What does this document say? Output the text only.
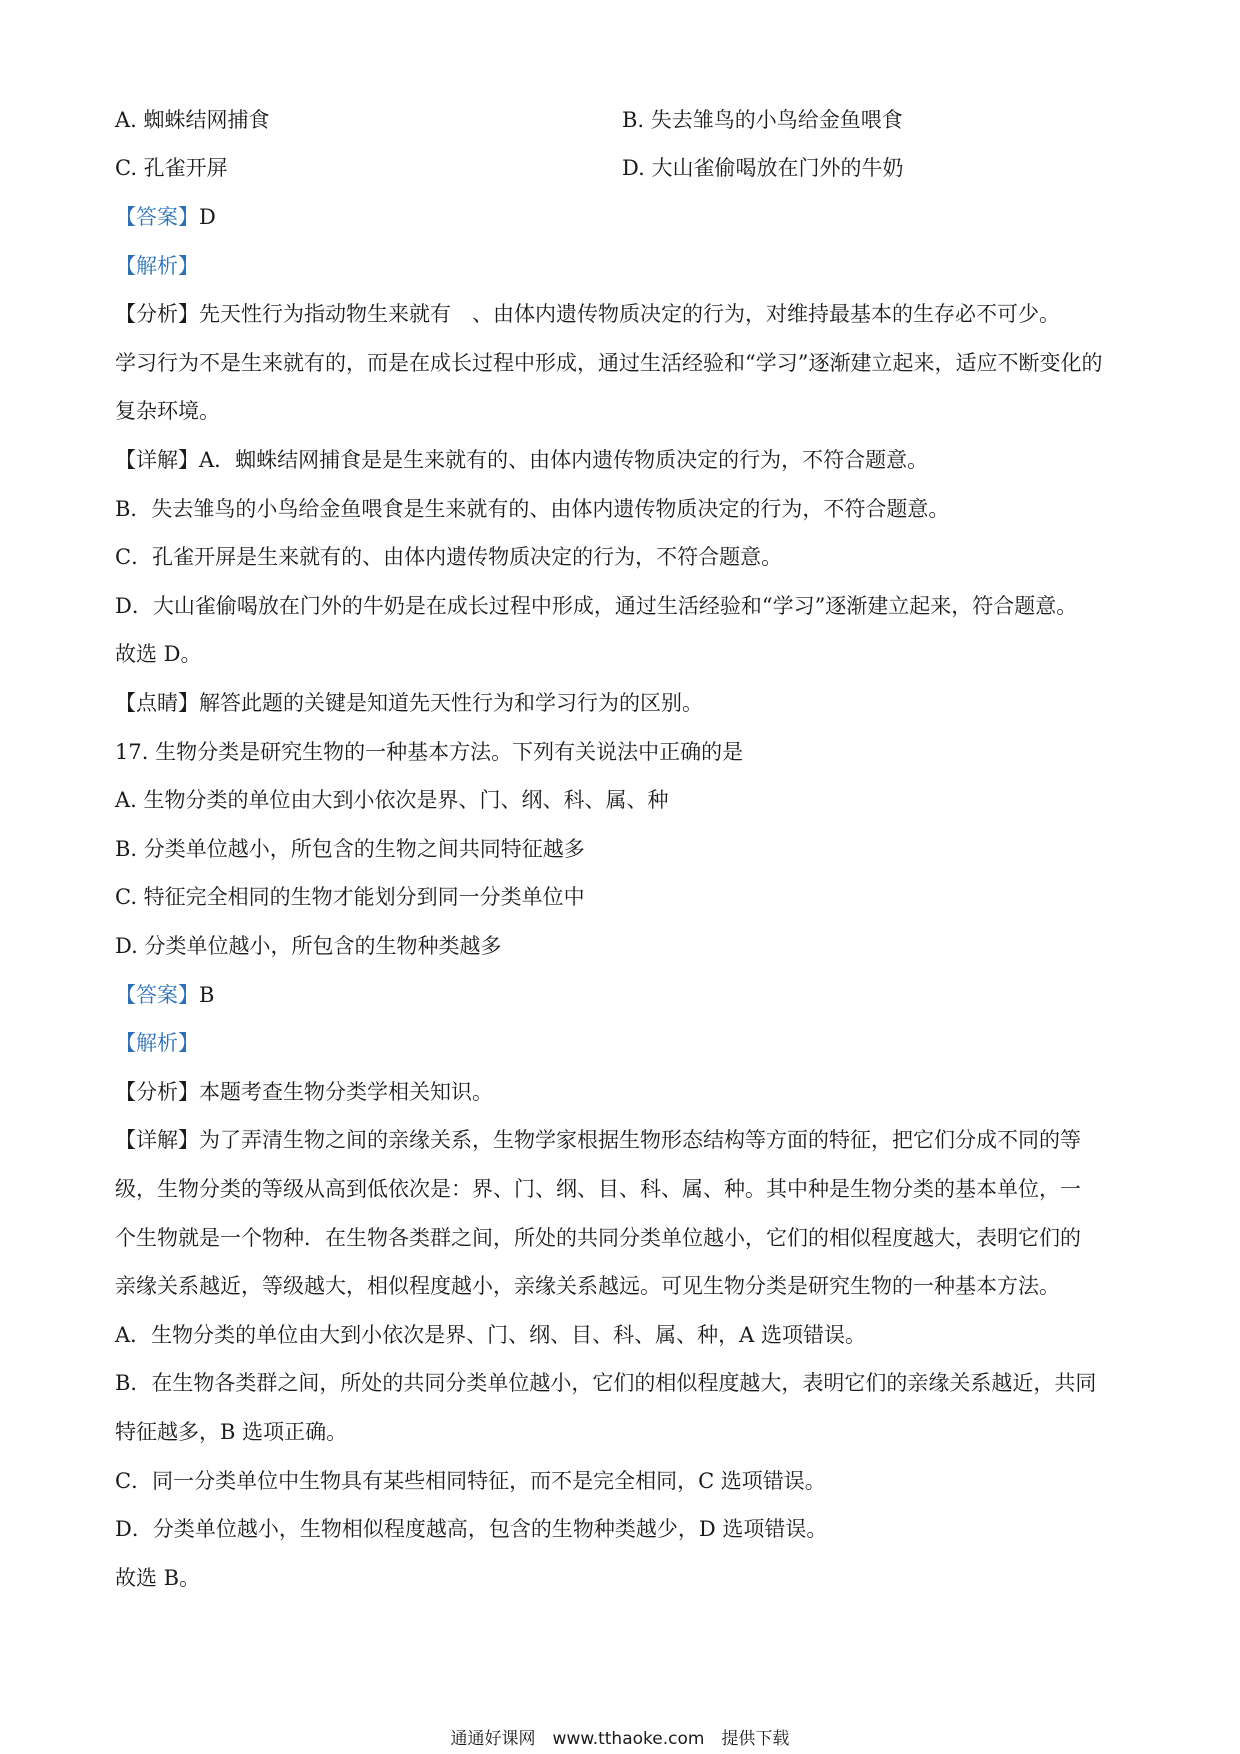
A. 蜘蛛结网捕食	B. 失去雏鸟的小鸟给金鱼喂食
C. 孔雀开屏	D. 大山雀偷喝放在门外的牛奶
【答案】D
【解析】
【分析】先天性行为指动物生来就有　、由体内遗传物质决定的行为，对维持最基本的生存必不可少。
学习行为不是生来就有的，而是在成长过程中形成，通过生活经验和“学习”逐渐建立起来，适应不断变化的
复杂环境。
【详解】A．蜘蛛结网捕食是是生来就有的、由体内遗传物质决定的行为，不符合题意。
B．失去雏鸟的小鸟给金鱼喂食是生来就有的、由体内遗传物质决定的行为，不符合题意。
C．孔雀开屏是生来就有的、由体内遗传物质决定的行为，不符合题意。
D．大山雀偷喝放在门外的牛奶是在成长过程中形成，通过生活经验和“学习”逐渐建立起来，符合题意。
故选 D。
【点睛】解答此题的关键是知道先天性行为和学习行为的区别。
17. 生物分类是研究生物的一种基本方法。下列有关说法中正确的是
A. 生物分类的单位由大到小依次是界、门、纲、科、属、种
B. 分类单位越小，所包含的生物之间共同特征越多
C. 特征完全相同的生物才能划分到同一分类单位中
D. 分类单位越小，所包含的生物种类越多
【答案】B
【解析】
【分析】本题考查生物分类学相关知识。
【详解】为了弄清生物之间的亲缘关系，生物学家根据生物形态结构等方面的特征，把它们分成不同的等
级，生物分类的等级从高到低依次是：界、门、纲、目、科、属、种。其中种是生物分类的基本单位，一
个生物就是一个物种．在生物各类群之间，所处的共同分类单位越小，它们的相似程度越大，表明它们的
亲缘关系越近，等级越大，相似程度越小，亲缘关系越远。可见生物分类是研究生物的一种基本方法。
A．生物分类的单位由大到小依次是界、门、纲、目、科、属、种，A 选项错误。
B．在生物各类群之间，所处的共同分类单位越小，它们的相似程度越大，表明它们的亲缘关系越近，共同
特征越多，B 选项正确。
C．同一分类单位中生物具有某些相同特征，而不是完全相同，C 选项错误。
D．分类单位越小，生物相似程度越高，包含的生物种类越少，D 选项错误。
故选 B。
通通好课网　www.tthaoke.com　提供下载
